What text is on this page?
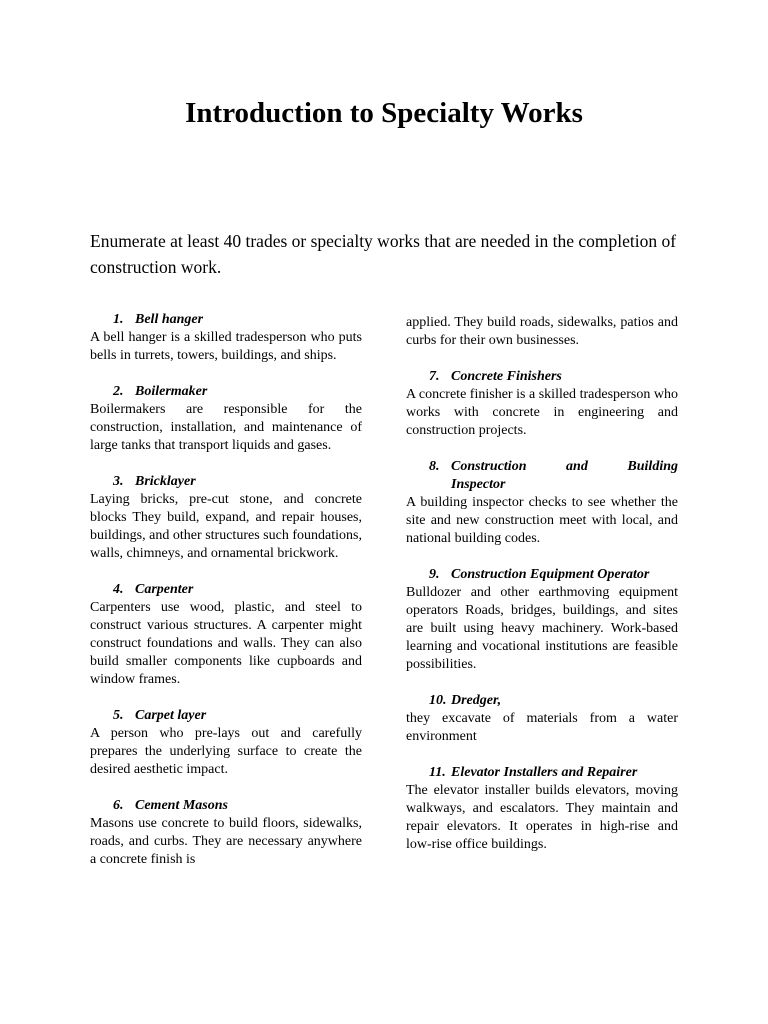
Introduction to Specialty Works

Enumerate at least 40 trades or specialty works that are needed in the completion of construction work.

1. Bell hanger

A bell hanger is a skilled tradesperson who puts bells in turrets, towers, buildings, and ships.

2. Boilermaker

Boilermakers are responsible for the construction, installation, and maintenance of large tanks that transport liquids and gases.

3. Bricklayer

Laying bricks, pre-cut stone, and concrete blocks They build, expand, and repair houses, buildings, and other structures such foundations, walls, chimneys, and ornamental brickwork.

4. Carpenter

Carpenters use wood, plastic, and steel to construct various structures. A carpenter might construct foundations and walls. They can also build smaller components like cupboards and window frames.

5. Carpet layer

A person who pre-lays out and carefully prepares the underlying surface to create the desired aesthetic impact.

6. Cement Masons

Masons use concrete to build floors, sidewalks, roads, and curbs. They are necessary anywhere a concrete finish is

applied. They build roads, sidewalks, patios and curbs for their own businesses.

7. Concrete Finishers

A concrete finisher is a skilled tradesperson who works with concrete in engineering and construction projects.

8. Construction and Building

Inspector

A building inspector checks to see whether the site and new construction meet with local, and national building codes.

9. Construction Equipment Operator

Bulldozer and other earthmoving equipment operators Roads, bridges, buildings, and sites are built using heavy machinery. Work-based learning and vocational institutions are feasible possibilities.

10. Dredger,

they excavate of materials from a water environment

11. Elevator Installers and Repairer

The elevator installer builds elevators, moving walkways, and escalators. They maintain and repair elevators. It operates in high-rise and low-rise office buildings.
